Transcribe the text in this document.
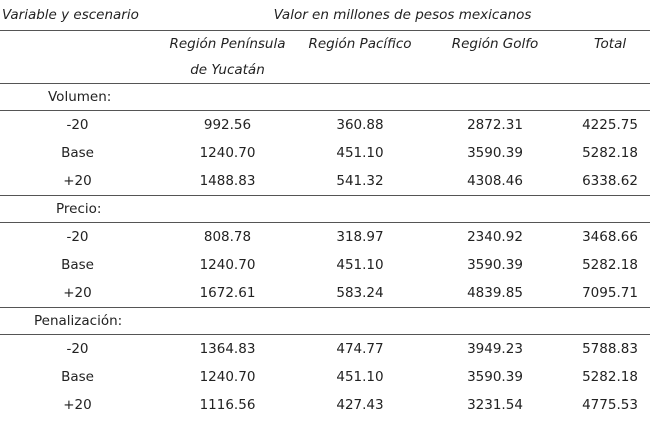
Variable y escenario	Valor en millones de pesos mexicanos			
	Región Península	Región Pacífico	Región Golfo	Total
	de Yucatán			
Volumen:				
-20	992.56	360.88	2872.31	4225.75
Base	1240.70	451.10	3590.39	5282.18
+20	1488.83	541.32	4308.46	6338.62
Precio:				
-20	808.78	318.97	2340.92	3468.66
Base	1240.70	451.10	3590.39	5282.18
+20	1672.61	583.24	4839.85	7095.71
Penalización:				
-20	1364.83	474.77	3949.23	5788.83
Base	1240.70	451.10	3590.39	5282.18
+20	1116.56	427.43	3231.54	4775.53
